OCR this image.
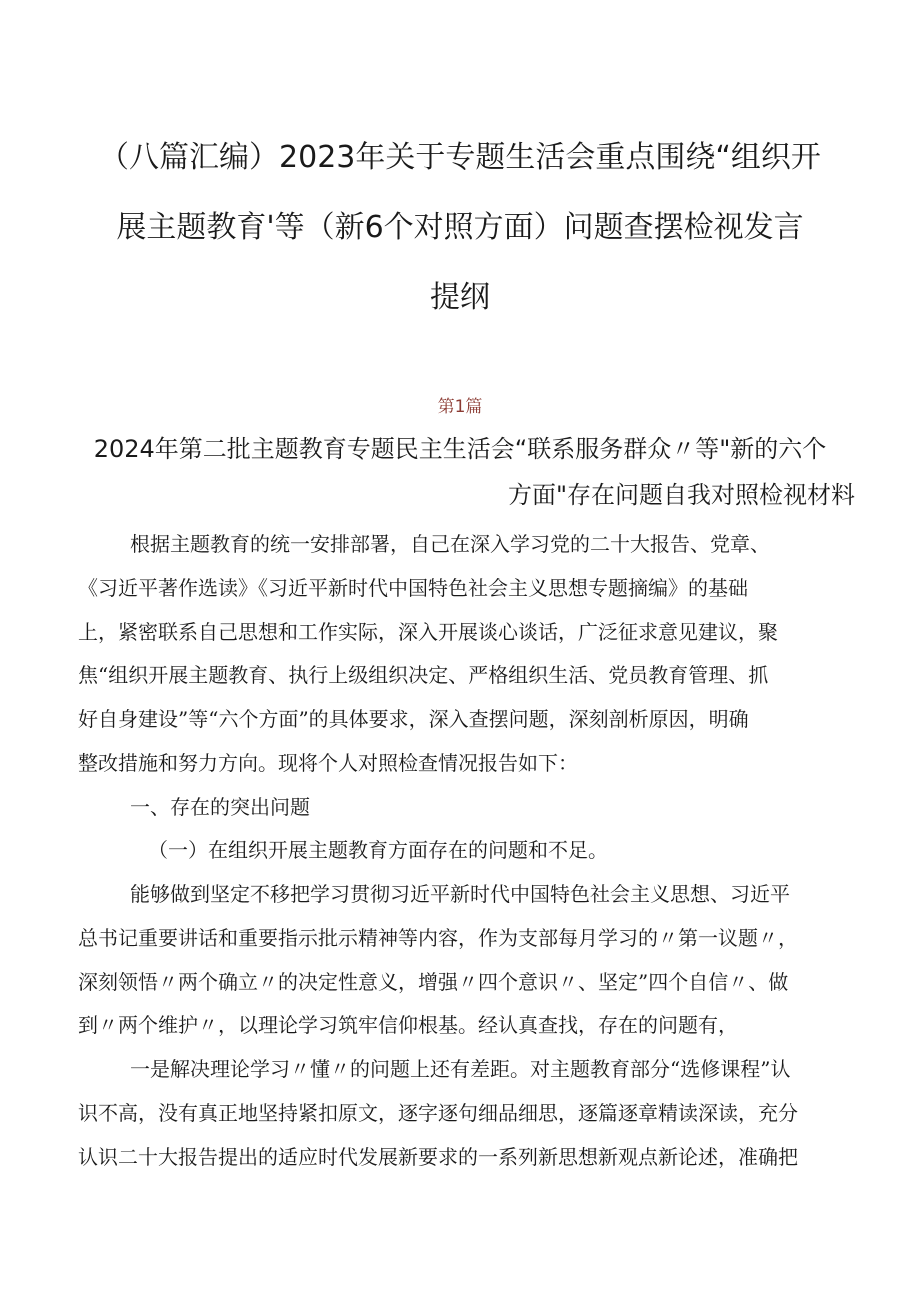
（八篇汇编）2023年关于专题生活会重点围绕“组织开
展主题教育'等（新6个对照方面）问题查摆检视发言
提纲
第1篇
2024年第二批主题教育专题民主生活会“联系服务群众〃等"新的六个
方面"存在问题自我对照检视材料
根据主题教育的统一安排部署，自己在深入学习党的二十大报告、党章、
《习近平著作选读》《习近平新时代中国特色社会主义思想专题摘编》的基础
上，紧密联系自己思想和工作实际，深入开展谈心谈话，广泛征求意见建议，聚
焦“组织开展主题教育、执行上级组织决定、严格组织生活、党员教育管理、抓
好自身建设”等“六个方面”的具体要求，深入查摆问题，深刻剖析原因，明确
整改措施和努力方向。现将个人对照检查情况报告如下：
一、存在的突出问题
（一）在组织开展主题教育方面存在的问题和不足。
能够做到坚定不移把学习贯彻习近平新时代中国特色社会主义思想、习近平
总书记重要讲话和重要指示批示精神等内容，作为支部每月学习的〃第一议题〃，
深刻领悟〃两个确立〃的决定性意义，增强〃四个意识〃、坚定”四个自信〃、做
到〃两个维护〃，以理论学习筑牢信仰根基。经认真查找，存在的问题有，
一是解决理论学习〃懂〃的问题上还有差距。对主题教育部分“选修课程”认
识不高，没有真正地坚持紧扣原文，逐字逐句细品细思，逐篇逐章精读深读，充分
认识二十大报告提出的适应时代发展新要求的一系列新思想新观点新论述，准确把
